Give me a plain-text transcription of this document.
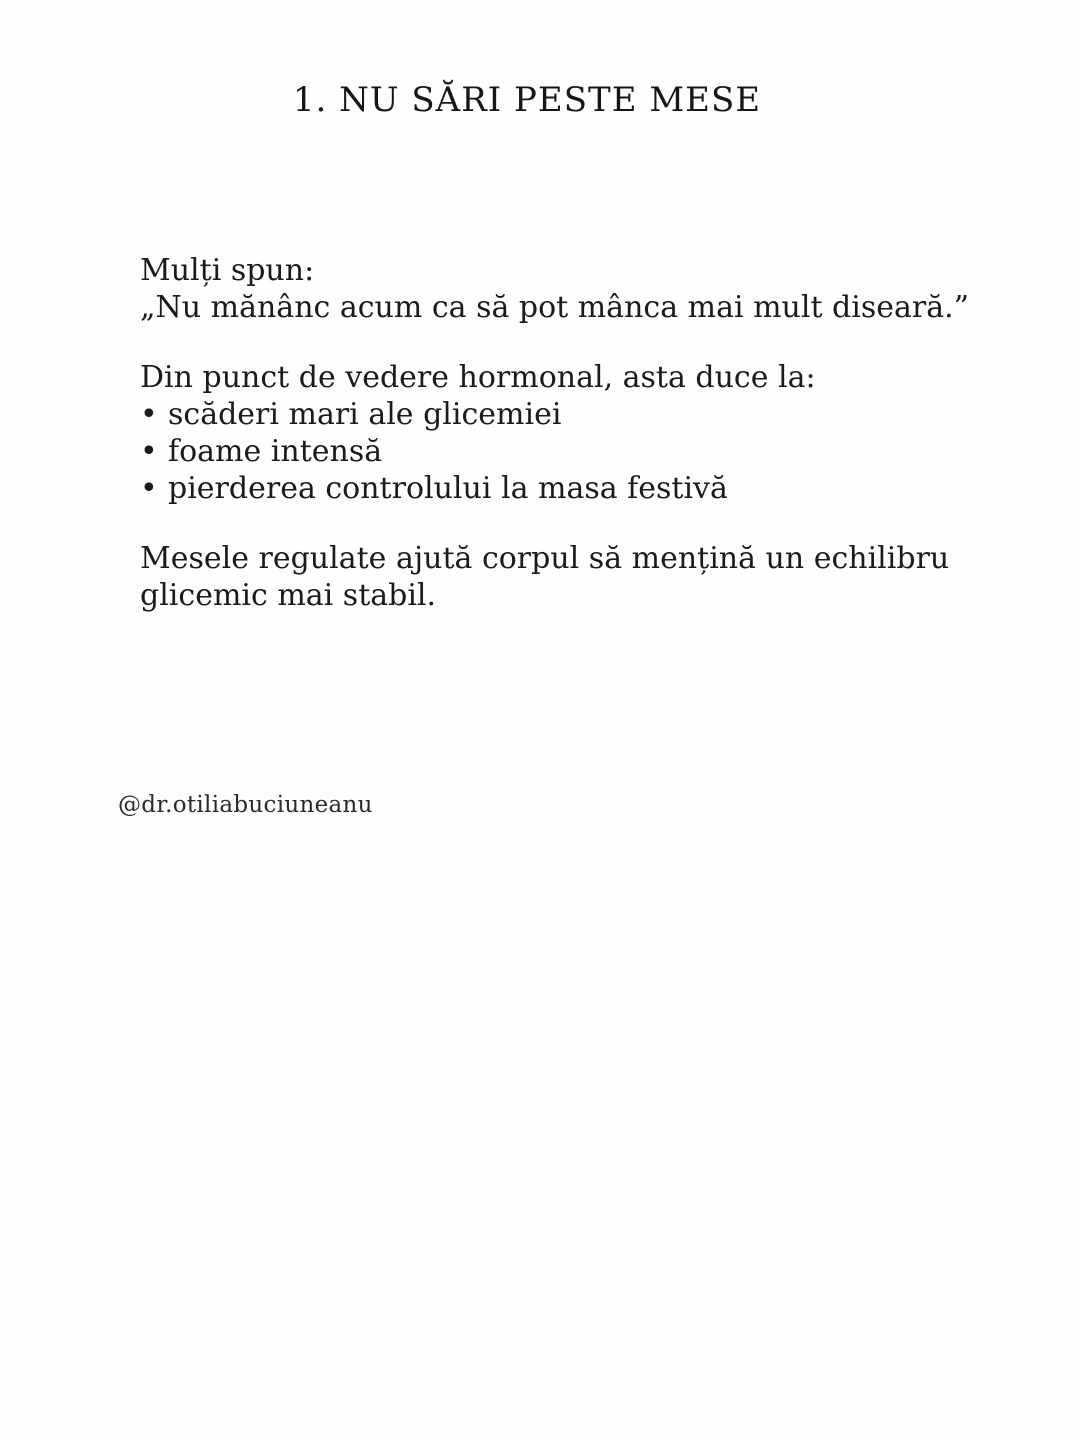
1. NU SĂRI PESTE MESE

Mulți spun:
„Nu mănânc acum ca să pot mânca mai mult diseară.”

Din punct de vedere hormonal, asta duce la:
• scăderi mari ale glicemiei
• foame intensă
• pierderea controlului la masa festivă

Mesele regulate ajută corpul să mențină un echilibru
glicemic mai stabil.

@dr.otiliabuciuneanu
